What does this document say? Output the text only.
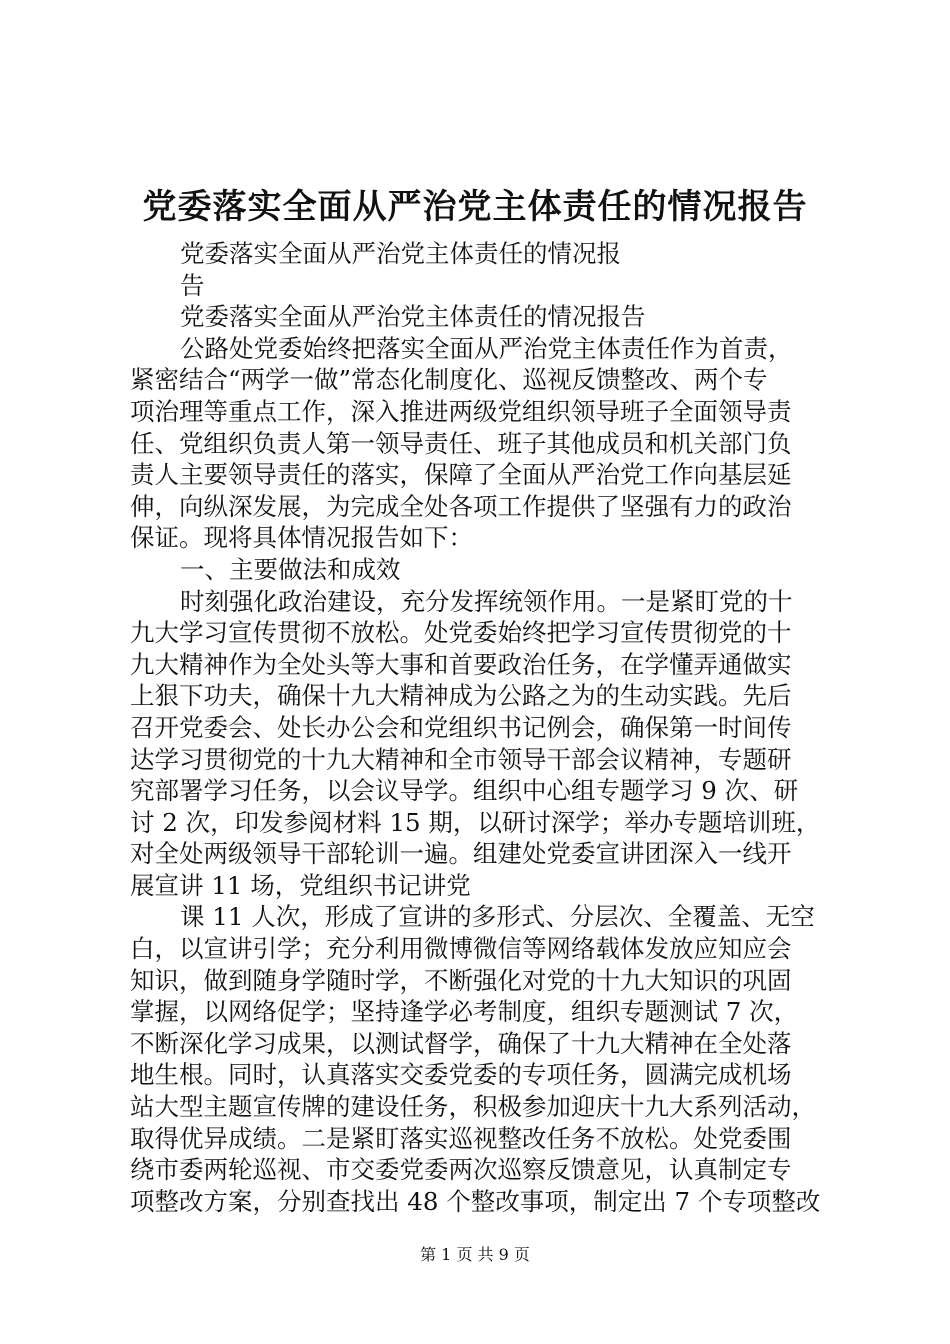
党委落实全面从严治党主体责任的情况报告
党委落实全面从严治党主体责任的情况报
告
党委落实全面从严治党主体责任的情况报告
公路处党委始终把落实全面从严治党主体责任作为首责，
紧密结合“两学一做”常态化制度化、巡视反馈整改、两个专
项治理等重点工作，深入推进两级党组织领导班子全面领导责
任、党组织负责人第一领导责任、班子其他成员和机关部门负
责人主要领导责任的落实，保障了全面从严治党工作向基层延
伸，向纵深发展，为完成全处各项工作提供了坚强有力的政治
保证。现将具体情况报告如下：
一、主要做法和成效
时刻强化政治建设，充分发挥统领作用。一是紧盯党的十
九大学习宣传贯彻不放松。处党委始终把学习宣传贯彻党的十
九大精神作为全处头等大事和首要政治任务，在学懂弄通做实
上狠下功夫，确保十九大精神成为公路之为的生动实践。先后
召开党委会、处长办公会和党组织书记例会，确保第一时间传
达学习贯彻党的十九大精神和全市领导干部会议精神，专题研
究部署学习任务，以会议导学。组织中心组专题学习 9 次、研
讨 2 次，印发参阅材料 15 期，以研讨深学；举办专题培训班，
对全处两级领导干部轮训一遍。组建处党委宣讲团深入一线开
展宣讲 11 场，党组织书记讲党
课 11 人次，形成了宣讲的多形式、分层次、全覆盖、无空
白，以宣讲引学；充分利用微博微信等网络载体发放应知应会
知识，做到随身学随时学，不断强化对党的十九大知识的巩固
掌握，以网络促学；坚持逢学必考制度，组织专题测试 7 次，
不断深化学习成果，以测试督学，确保了十九大精神在全处落
地生根。同时，认真落实交委党委的专项任务，圆满完成机场
站大型主题宣传牌的建设任务，积极参加迎庆十九大系列活动，
取得优异成绩。二是紧盯落实巡视整改任务不放松。处党委围
绕市委两轮巡视、市交委党委两次巡察反馈意见，认真制定专
项整改方案，分别查找出 48 个整改事项，制定出 7 个专项整改
第 1 页 共 9 页
